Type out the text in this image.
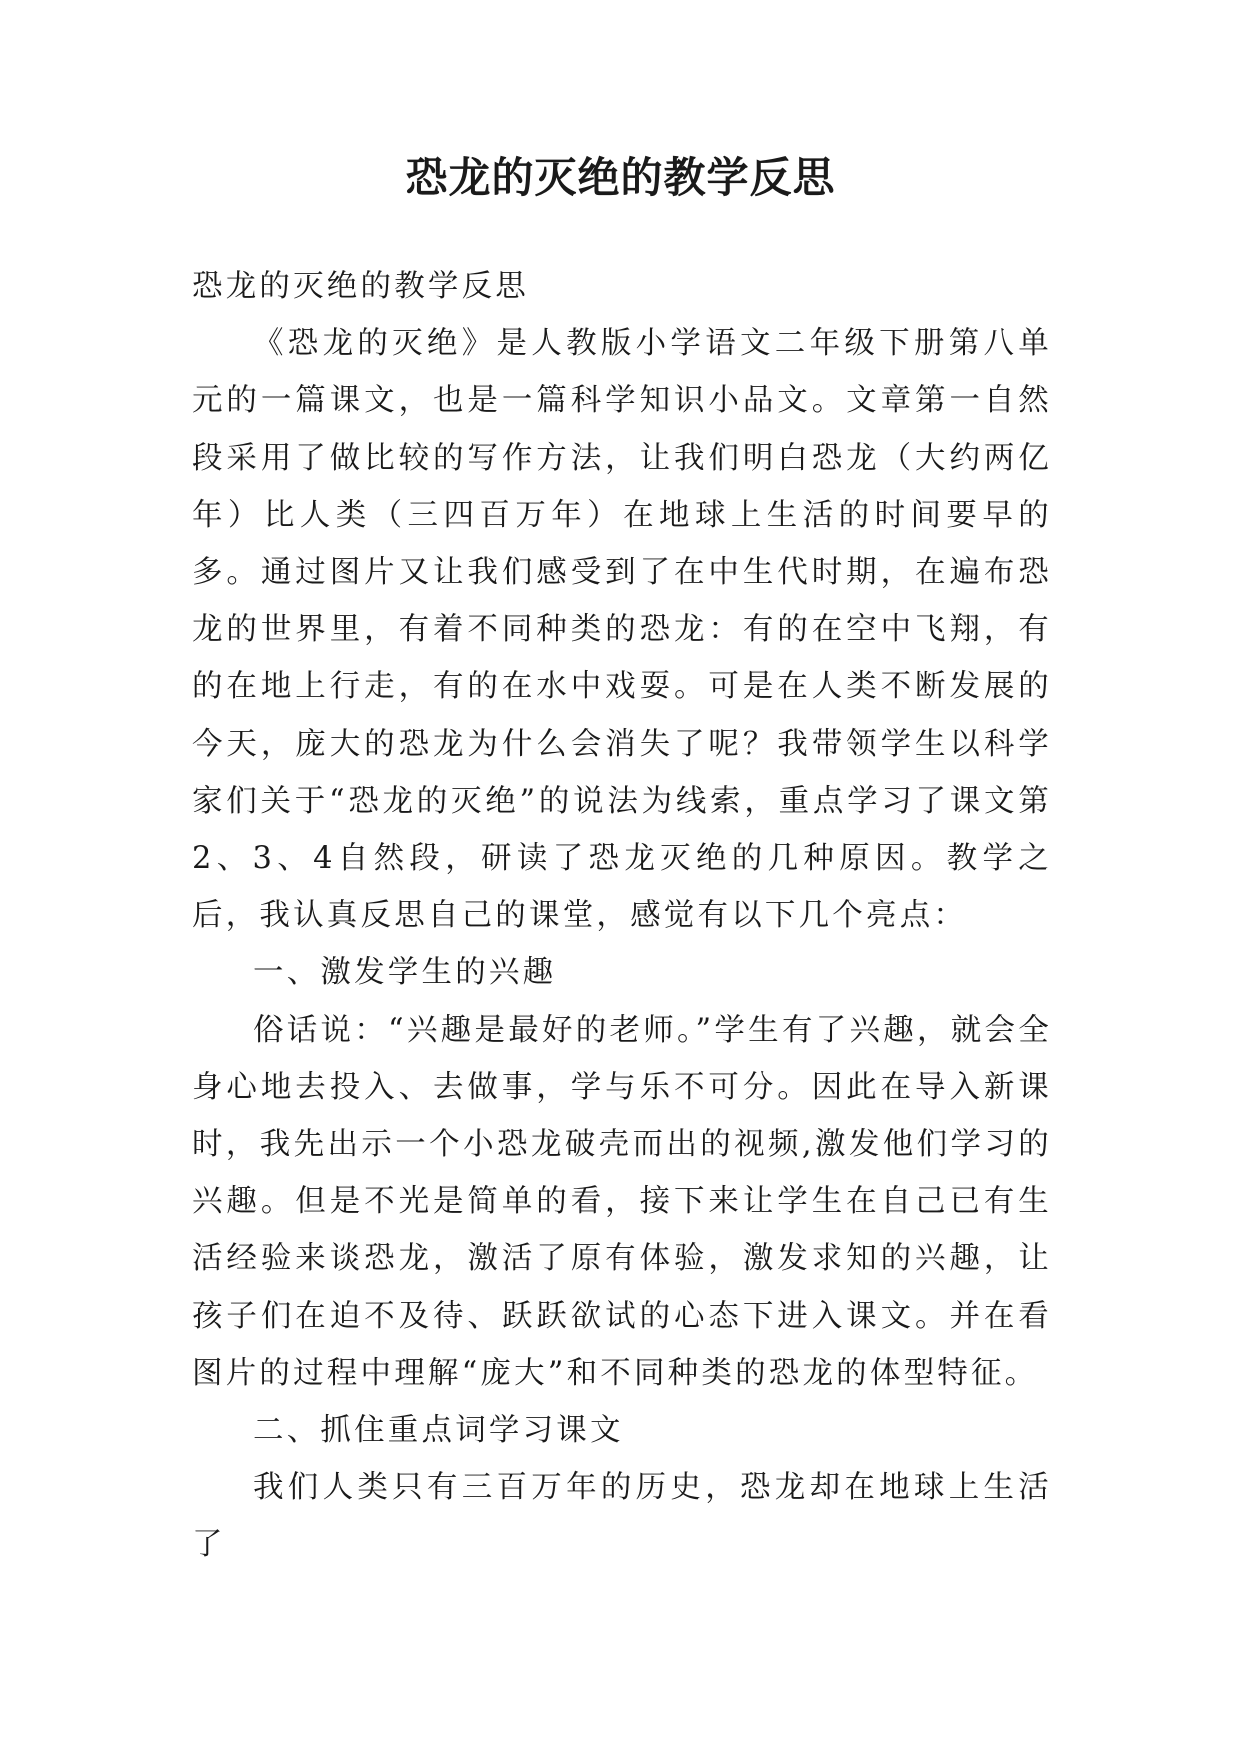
恐龙的灭绝的教学反思

恐龙的灭绝的教学反思

《恐龙的灭绝》是人教版小学语文二年级下册第八单元的一篇课文，也是一篇科学知识小品文。文章第一自然段采用了做比较的写作方法，让我们明白恐龙（大约两亿年）比人类（三四百万年）在地球上生活的时间要早的多。通过图片又让我们感受到了在中生代时期，在遍布恐龙的世界里，有着不同种类的恐龙：有的在空中飞翔，有的在地上行走，有的在水中戏耍。可是在人类不断发展的今天，庞大的恐龙为什么会消失了呢？我带领学生以科学家们关于“恐龙的灭绝”的说法为线索，重点学习了课文第2、3、4自然段，研读了恐龙灭绝的几种原因。教学之后，我认真反思自己的课堂，感觉有以下几个亮点：

一、激发学生的兴趣

俗话说：“兴趣是最好的老师。”学生有了兴趣，就会全身心地去投入、去做事，学与乐不可分。因此在导入新课时，我先出示一个小恐龙破壳而出的视频,激发他们学习的兴趣。但是不光是简单的看，接下来让学生在自己已有生活经验来谈恐龙，激活了原有体验，激发求知的兴趣，让孩子们在迫不及待、跃跃欲试的心态下进入课文。并在看图片的过程中理解“庞大”和不同种类的恐龙的体型特征。

二、抓住重点词学习课文

我们人类只有三百万年的历史，恐龙却在地球上生活了
